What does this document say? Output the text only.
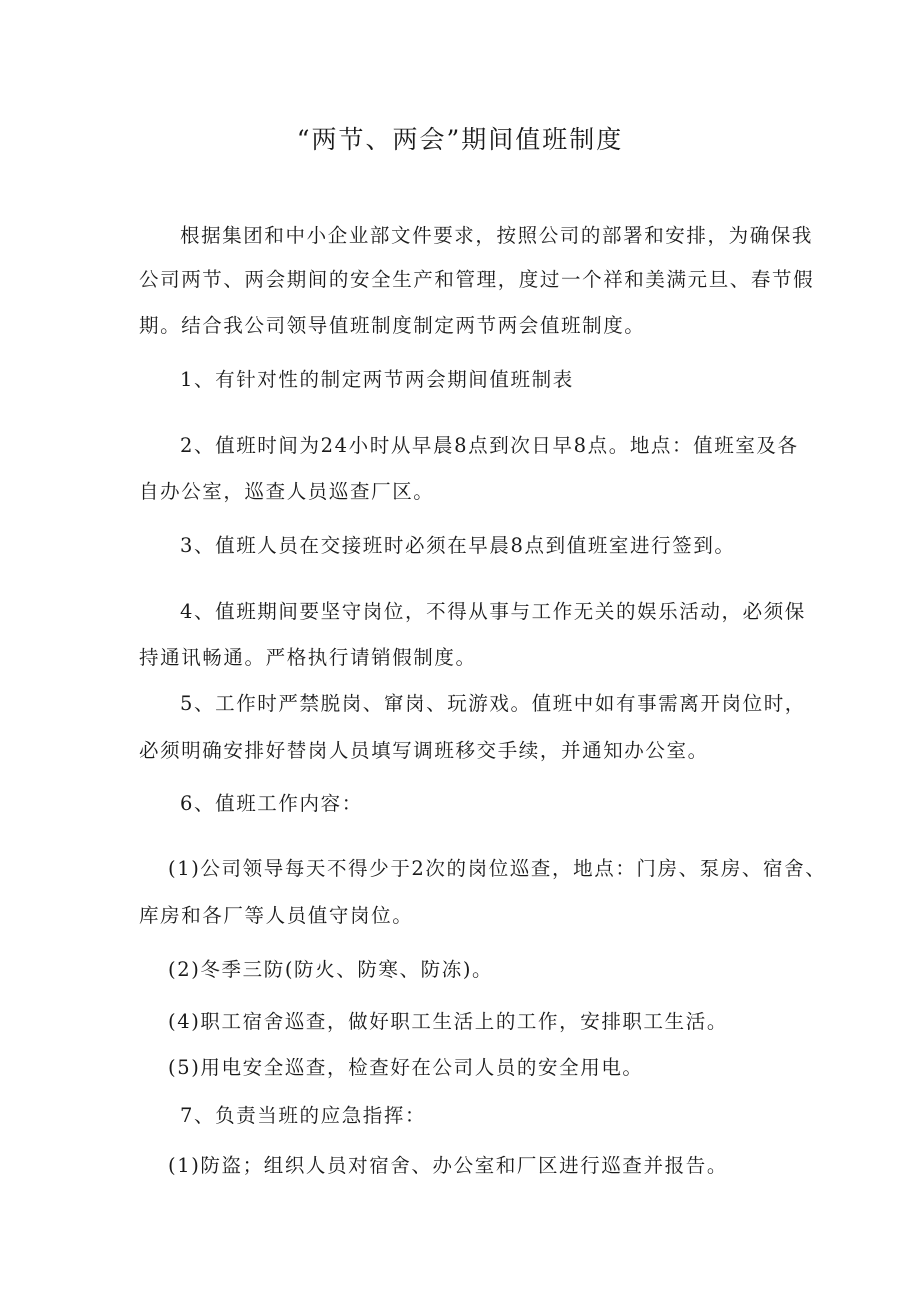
“两节、两会”期间值班制度
根据集团和中小企业部文件要求，按照公司的部署和安排，为确保我
公司两节、两会期间的安全生产和管理，度过一个祥和美满元旦、春节假
期。结合我公司领导值班制度制定两节两会值班制度。
1、有针对性的制定两节两会期间值班制表
2、值班时间为24小时从早晨8点到次日早8点。地点：值班室及各
自办公室，巡查人员巡查厂区。
3、值班人员在交接班时必须在早晨8点到值班室进行签到。
4、值班期间要坚守岗位，不得从事与工作无关的娱乐活动，必须保
持通讯畅通。严格执行请销假制度。
5、工作时严禁脱岗、窜岗、玩游戏。值班中如有事需离开岗位时，
必须明确安排好替岗人员填写调班移交手续，并通知办公室。
6、值班工作内容：
(1)公司领导每天不得少于2次的岗位巡查，地点：门房、泵房、宿舍、
库房和各厂等人员值守岗位。
(2)冬季三防(防火、防寒、防冻)。
(4)职工宿舍巡查，做好职工生活上的工作，安排职工生活。
(5)用电安全巡查，检查好在公司人员的安全用电。
7、负责当班的应急指挥：
(1)防盗；组织人员对宿舍、办公室和厂区进行巡查并报告。
